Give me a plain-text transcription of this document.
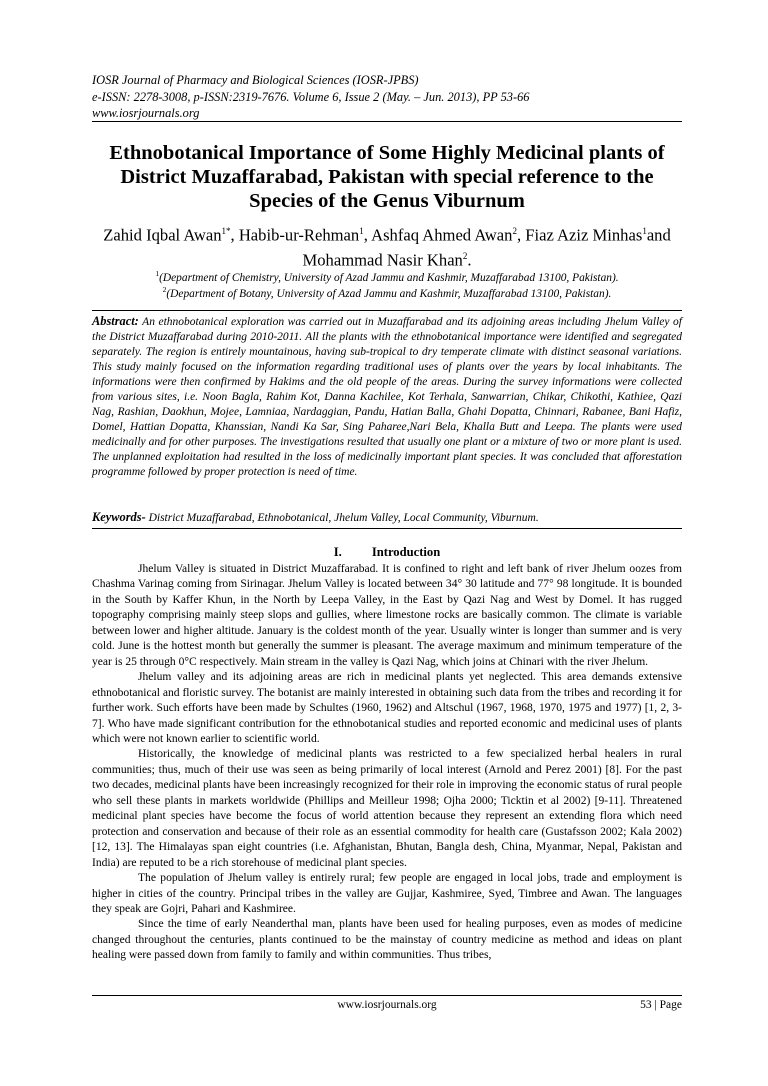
IOSR Journal of Pharmacy and Biological Sciences (IOSR-JPBS)
e-ISSN: 2278-3008, p-ISSN:2319-7676. Volume 6, Issue 2 (May. – Jun. 2013), PP 53-66
www.iosrjournals.org
Ethnobotanical Importance of Some Highly Medicinal plants of District Muzaffarabad, Pakistan with special reference to the Species of the Genus Viburnum
Zahid Iqbal Awan$^{1*}$, Habib-ur-Rehman$^1$, Ashfaq Ahmed Awan$^2$, Fiaz Aziz Minhas$^1$and Mohammad Nasir Khan$^2$.
$^1$(Department of Chemistry, University of Azad Jammu and Kashmir, Muzaffarabad 13100, Pakistan).
$^2$(Department of Botany, University of Azad Jammu and Kashmir, Muzaffarabad 13100, Pakistan).
Abstract: An ethnobotanical exploration was carried out in Muzaffarabad and its adjoining areas including Jhelum Valley of the District Muzaffarabad during 2010-2011. All the plants with the ethnobotanical importance were identified and segregated separately. The region is entirely mountainous, having sub-tropical to dry temperate climate with distinct seasonal variations. This study mainly focused on the information regarding traditional uses of plants over the years by local inhabitants. The informations were then confirmed by Hakims and the old people of the areas. During the survey informations were collected from various sites, i.e. Noon Bagla, Rahim Kot, Danna Kachilee, Kot Terhala, Sanwarrian, Chikar, Chikothi, Kathiee, Qazi Nag, Rashian, Daokhun, Mojee, Lamniaa, Nardaggian, Pandu, Hatian Balla, Ghahi Dopatta, Chinnari, Rabanee, Bani Hafiz, Domel, Hattian Dopatta, Khanssian, Nandi Ka Sar, Sing Paharee,Nari Bela, Khalla Butt and Leepa. The plants were used medicinally and for other purposes. The investigations resulted that usually one plant or a mixture of two or more plant is used. The unplanned exploitation had resulted in the loss of medicinally important plant species. It was concluded that afforestation programme followed by proper protection is need of time.
Keywords- District Muzaffarabad, Ethnobotanical, Jhelum Valley, Local Community, Viburnum.
I. Introduction

Jhelum Valley is situated in District Muzaffarabad. It is confined to right and left bank of river Jhelum oozes from Chashma Varinag coming from Sirinagar. Jhelum Valley is located between 34° 30 latitude and 77° 98 longitude. It is bounded in the South by Kaffer Khun, in the North by Leepa Valley, in the East by Qazi Nag and West by Domel. It has rugged topography comprising mainly steep slops and gullies, where limestone rocks are basically common. The climate is variable between lower and higher altitude. January is the coldest month of the year. Usually winter is longer than summer and is very cold. June is the hottest month but generally the summer is pleasant. The average maximum and minimum temperature of the year is 25 through 0°C respectively. Main stream in the valley is Qazi Nag, which joins at Chinari with the river Jhelum.

Jhelum valley and its adjoining areas are rich in medicinal plants yet neglected. This area demands extensive ethnobotanical and floristic survey. The botanist are mainly interested in obtaining such data from the tribes and recording it for further work. Such efforts have been made by Schultes (1960, 1962) and Altschul (1967, 1968, 1970, 1975 and 1977) [1, 2, 3-7]. Who have made significant contribution for the ethnobotanical studies and reported economic and medicinal uses of plants which were not known earlier to scientific world.

Historically, the knowledge of medicinal plants was restricted to a few specialized herbal healers in rural communities; thus, much of their use was seen as being primarily of local interest (Arnold and Perez 2001) [8]. For the past two decades, medicinal plants have been increasingly recognized for their role in improving the economic status of rural people who sell these plants in markets worldwide (Phillips and Meilleur 1998; Ojha 2000; Ticktin et al 2002) [9-11]. Threatened medicinal plant species have become the focus of world attention because they represent an extending flora which need protection and conservation and because of their role as an essential commodity for health care (Gustafsson 2002; Kala 2002) [12, 13]. The Himalayas span eight countries (i.e. Afghanistan, Bhutan, Bangla desh, China, Myanmar, Nepal, Pakistan and India) are reputed to be a rich storehouse of medicinal plant species.

The population of Jhelum valley is entirely rural; few people are engaged in local jobs, trade and employment is higher in cities of the country. Principal tribes in the valley are Gujjar, Kashmiree, Syed, Timbree and Awan. The languages they speak are Gojri, Pahari and Kashmiree.

Since the time of early Neanderthal man, plants have been used for healing purposes, even as modes of medicine changed throughout the centuries, plants continued to be the mainstay of country medicine as method and ideas on plant healing were passed down from family to family and within communities. Thus tribes,

www.iosrjournals.org	53 | Page
